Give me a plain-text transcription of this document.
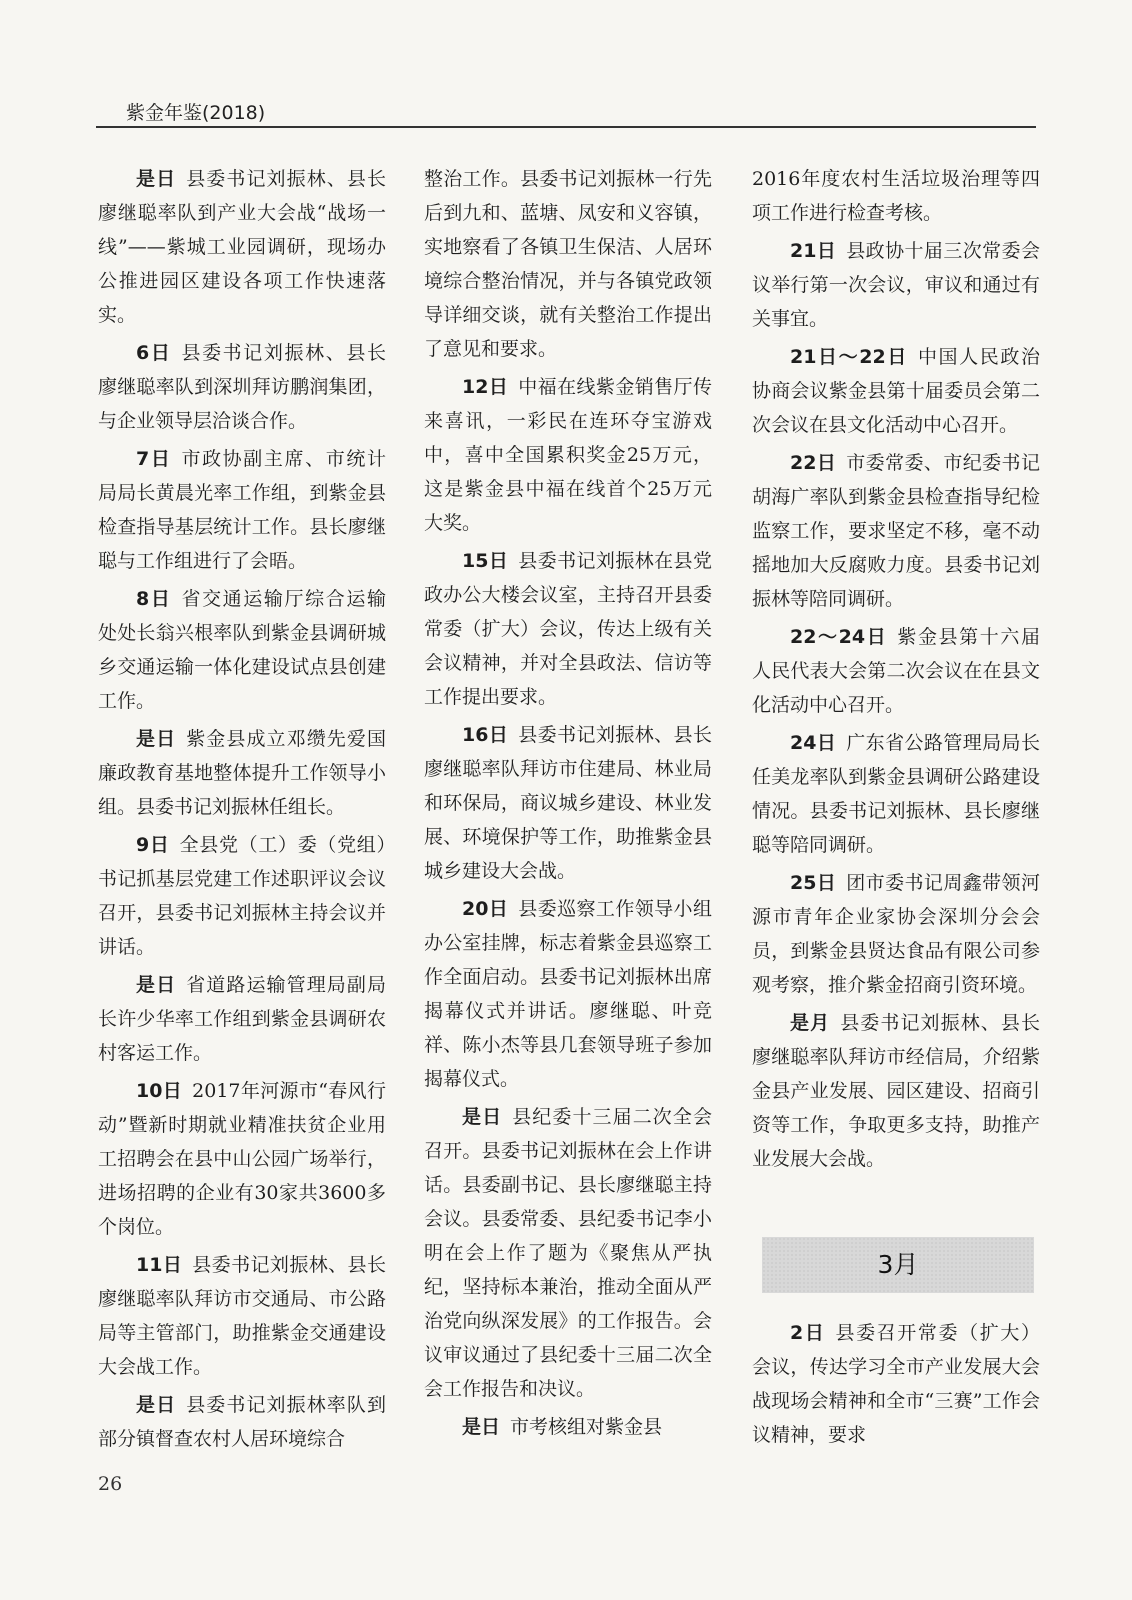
紫金年鉴(2018)

是日 县委书记刘振林、县长廖继聪率队到产业大会战“战场一线”——紫城工业园调研，现场办公推进园区建设各项工作快速落实。

6日 县委书记刘振林、县长廖继聪率队到深圳拜访鹏润集团，与企业领导层洽谈合作。

7日 市政协副主席、市统计局局长黄晨光率工作组，到紫金县检查指导基层统计工作。县长廖继聪与工作组进行了会晤。

8日 省交通运输厅综合运输处处长翁兴根率队到紫金县调研城乡交通运输一体化建设试点县创建工作。

是日 紫金县成立邓缵先爱国廉政教育基地整体提升工作领导小组。县委书记刘振林任组长。

9日 全县党（工）委（党组）书记抓基层党建工作述职评议会议召开，县委书记刘振林主持会议并讲话。

是日 省道路运输管理局副局长许少华率工作组到紫金县调研农村客运工作。

10日 2017年河源市“春风行动”暨新时期就业精准扶贫企业用工招聘会在县中山公园广场举行，进场招聘的企业有30家共3600多个岗位。

11日 县委书记刘振林、县长廖继聪率队拜访市交通局、市公路局等主管部门，助推紫金交通建设大会战工作。

是日 县委书记刘振林率队到部分镇督查农村人居环境综合

整治工作。县委书记刘振林一行先后到九和、蓝塘、凤安和义容镇，实地察看了各镇卫生保洁、人居环境综合整治情况，并与各镇党政领导详细交谈，就有关整治工作提出了意见和要求。

12日 中福在线紫金销售厅传来喜讯，一彩民在连环夺宝游戏中，喜中全国累积奖金25万元，这是紫金县中福在线首个25万元大奖。

15日 县委书记刘振林在县党政办公大楼会议室，主持召开县委常委（扩大）会议，传达上级有关会议精神，并对全县政法、信访等工作提出要求。

16日 县委书记刘振林、县长廖继聪率队拜访市住建局、林业局和环保局，商议城乡建设、林业发展、环境保护等工作，助推紫金县城乡建设大会战。

20日 县委巡察工作领导小组办公室挂牌，标志着紫金县巡察工作全面启动。县委书记刘振林出席揭幕仪式并讲话。廖继聪、叶竞祥、陈小杰等县几套领导班子参加揭幕仪式。

是日 县纪委十三届二次全会召开。县委书记刘振林在会上作讲话。县委副书记、县长廖继聪主持会议。县委常委、县纪委书记李小明在会上作了题为《聚焦从严执纪，坚持标本兼治，推动全面从严治党向纵深发展》的工作报告。会议审议通过了县纪委十三届二次全会工作报告和决议。

是日 市考核组对紫金县

2016年度农村生活垃圾治理等四项工作进行检查考核。

21日 县政协十届三次常委会议举行第一次会议，审议和通过有关事宜。

21日～22日 中国人民政治协商会议紫金县第十届委员会第二次会议在县文化活动中心召开。

22日 市委常委、市纪委书记胡海广率队到紫金县检查指导纪检监察工作，要求坚定不移，毫不动摇地加大反腐败力度。县委书记刘振林等陪同调研。

22～24日 紫金县第十六届人民代表大会第二次会议在在县文化活动中心召开。

24日 广东省公路管理局局长任美龙率队到紫金县调研公路建设情况。县委书记刘振林、县长廖继聪等陪同调研。

25日 团市委书记周鑫带领河源市青年企业家协会深圳分会会员，到紫金县贤达食品有限公司参观考察，推介紫金招商引资环境。

是月 县委书记刘振林、县长廖继聪率队拜访市经信局，介绍紫金县产业发展、园区建设、招商引资等工作，争取更多支持，助推产业发展大会战。

3月

2日 县委召开常委（扩大）会议，传达学习全市产业发展大会战现场会精神和全市“三赛”工作会议精神，要求

26
